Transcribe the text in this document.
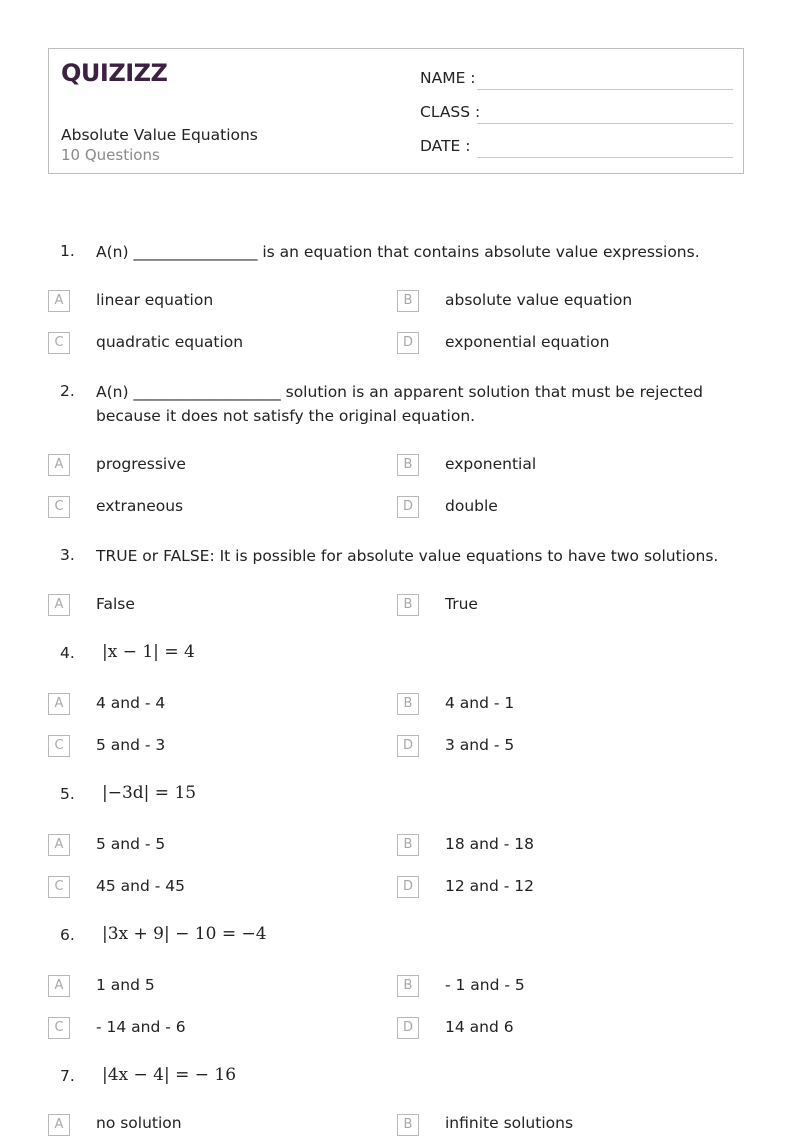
QUIZIZZ
Absolute Value Equations
10 Questions
NAME :
CLASS :
DATE :
1. A(n) ________________ is an equation that contains absolute value expressions.
A	linear equation	B	absolute value equation
C	quadratic equation	D	exponential equation
2. A(n) ___________________ solution is an apparent solution that must be rejected because it does not satisfy the original equation.
A	progressive	B	exponential
C	extraneous	D	double
3. TRUE or FALSE: It is possible for absolute value equations to have two solutions.
A	False	B	True
4. |x − 1| = 4
A	4 and - 4	B	4 and - 1
C	5 and - 3	D	3 and - 5
5. |−3d| = 15
A	5 and - 5	B	18 and - 18
C	45 and - 45	D	12 and - 12
6. |3x + 9| − 10 = −4
A	1 and 5	B	- 1 and - 5
C	- 14 and - 6	D	14 and 6
7. |4x − 4| = − 16
A	no solution	B	infinite solutions
